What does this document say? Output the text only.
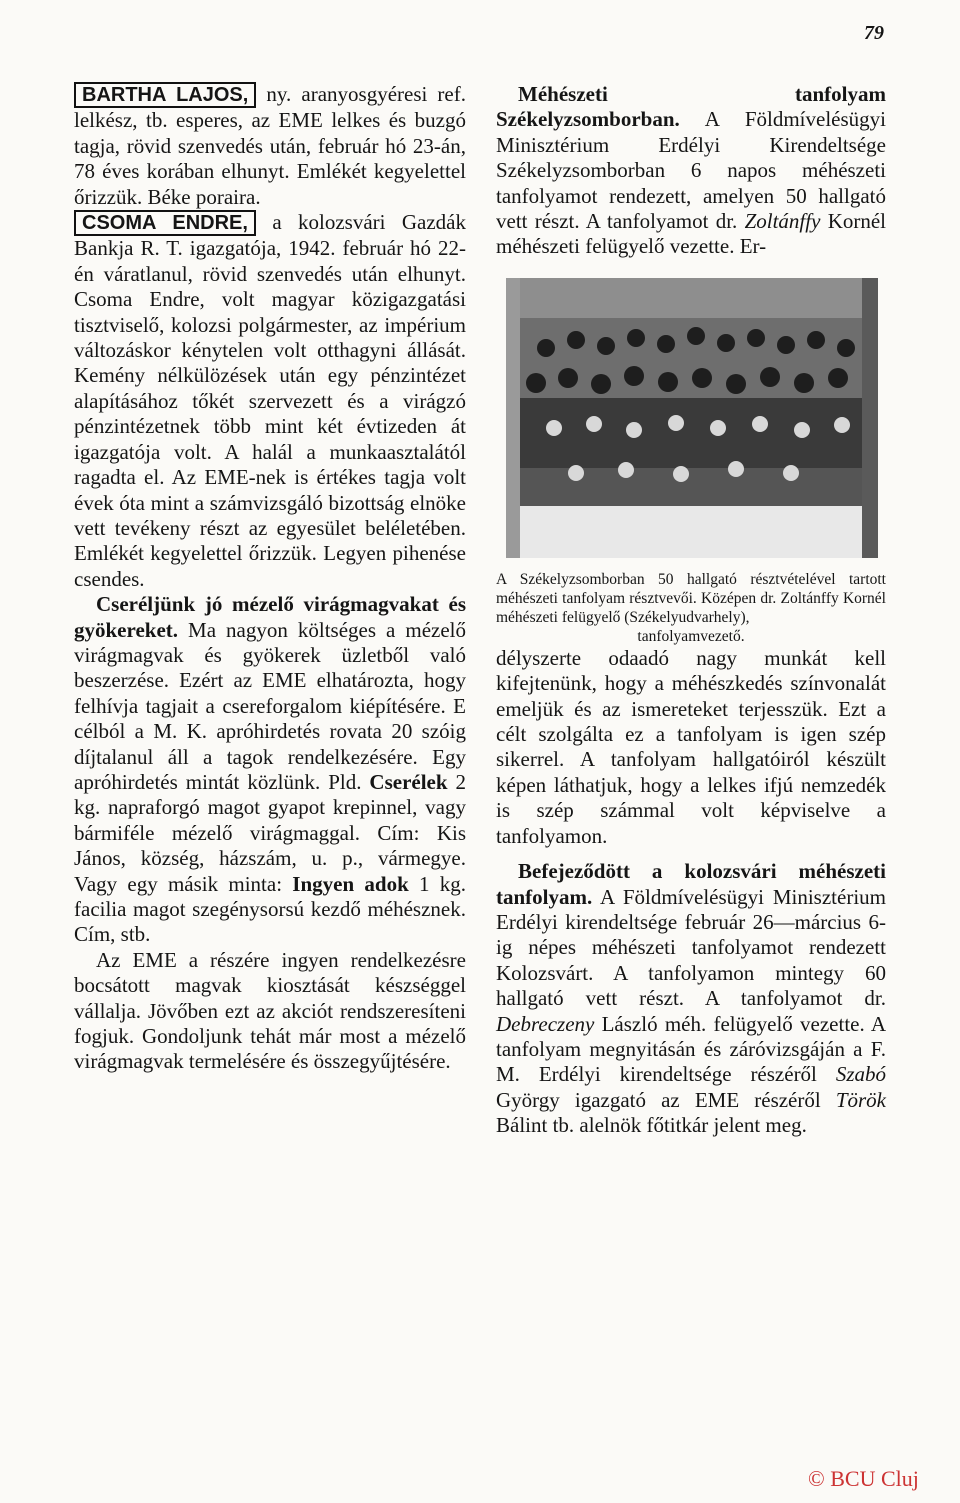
79

BARTHA LAJOS, ny. aranyosgyéresi ref. lelkész, tb. esperes, az EME lelkes és buzgó tagja, rövid szenvedés után, február hó 23-án, 78 éves korában elhunyt. Emlékét kegyelettel őrizzük. Béke poraira.

CSOMA ENDRE, a kolozsvári Gazdák Bankja R. T. igazgatója, 1942. február hó 22-én váratlanul, rövid szenvedés után elhunyt. Csoma Endre, volt magyar közigazgatási tisztviselő, kolozsi polgármester, az impérium változáskor kénytelen volt otthagyni állását. Kemény nélkülözések után egy pénzintézet alapításához tőkét szervezett és a virágzó pénzintézetnek több mint két évtizeden át igazgatója volt. A halál a munkaasztalától ragadta el. Az EME-nek is értékes tagja volt évek óta mint a számvizsgáló bizottság elnöke vett tevékeny részt az egyesület beléletében. Emlékét kegyelettel őrizzük. Legyen pihenése csendes.

Cseréljünk jó mézelő virágmagvakat és gyökereket. Ma nagyon költséges a mézelő virágmagvak és gyökerek üzletből való beszerzése. Ezért az EME elhatározta, hogy felhívja tagjait a csereforgalom kiépítésére. E célból a M. K. apróhirdetés rovata 20 szóig díjtalanul áll a tagok rendelkezésére. Egy apróhirdetés mintát közlünk. Pld. Cserélek 2 kg. napraforgó magot gyapot krepinnel, vagy bármiféle mézelő virágmaggal. Cím: Kis János, község, házszám, u. p., vármegye. Vagy egy másik minta: Ingyen adok 1 kg. facilia magot szegénysorsú kezdő méhésznek. Cím, stb.

Az EME a részére ingyen rendelkezésre bocsátott magvak kiosztását készséggel vállalja. Jövőben ezt az akciót rendszeresíteni fogjuk. Gondoljunk tehát már most a mézelő virágmagvak termelésére és összegyűjtésére.

Méhészeti tanfolyam Székelyzsomborban. A Földmívelésügyi Minisztérium Erdélyi Kirendeltsége Székelyzsomborban 6 napos méhészeti tanfolyamot rendezett, amelyen 50 hallgató vett részt. A tanfolyamot dr. Zoltánffy Kornél méhészeti felügyelő vezette. Er-

A Székelyzsomborban 50 hallgató résztvételével tartott méhészeti tanfolyam résztvevői. Középen dr. Zoltánffy Kornél méhészeti felügyelő (Székelyudvarhely),
tanfolyamvezető.

délyszerte odaadó nagy munkát kell kifejtenünk, hogy a méhészkedés színvonalát emeljük és az ismereteket terjesszük. Ezt a célt szolgálta ez a tanfolyam is igen szép sikerrel. A tanfolyam hallgatóiról készült képen láthatjuk, hogy a lelkes ifjú nemzedék is szép számmal volt képviselve a tanfolyamon.

Befejeződött a kolozsvári méhészeti tanfolyam. A Földmívelésügyi Minisztérium Erdélyi kirendeltsége február 26—március 6-ig népes méhészeti tanfolyamot rendezett Kolozsvárt. A tanfolyamon mintegy 60 hallgató vett részt. A tanfolyamot dr. Debreczeny László méh. felügyelő vezette. A tanfolyam megnyitásán és záróvizsgáján a F. M. Erdélyi kirendeltsége részéről Szabó György igazgató az EME részéről Török Bálint tb. alelnök főtitkár jelent meg.

© BCU Cluj
